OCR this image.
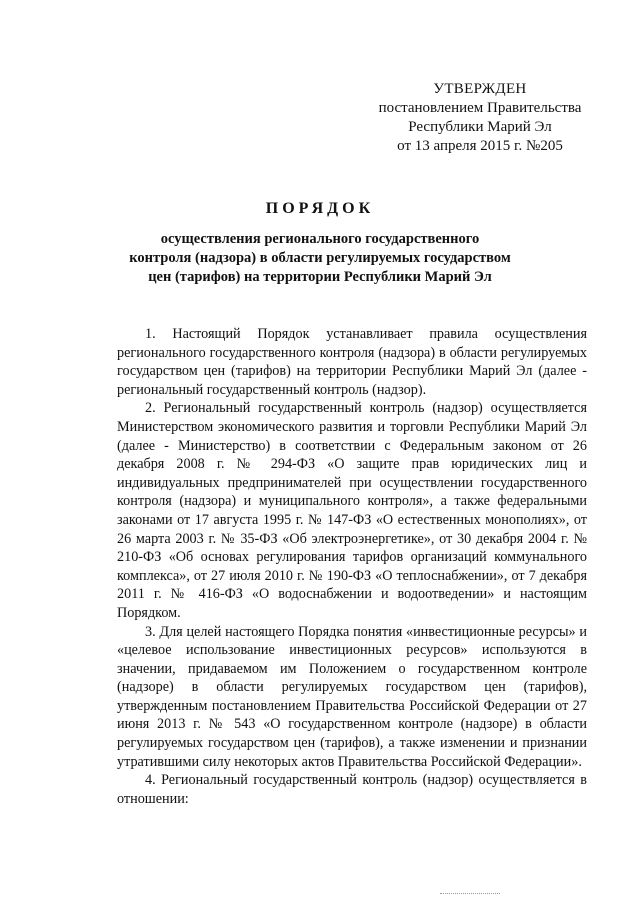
УТВЕРЖДЕН
постановлением Правительства
Республики Марий Эл
от 13 апреля 2015 г. №205
ПОРЯДОК
осуществления регионального государственного
контроля (надзора) в области регулируемых государством
цен (тарифов) на территории Республики Марий Эл

1. Настоящий Порядок устанавливает правила осуществления регионального государственного контроля (надзора) в области регулируемых государством цен (тарифов) на территории Республики Марий Эл (далее - региональный государственный контроль (надзор).

2. Региональный государственный контроль (надзор) осуществляется Министерством экономического развития и торговли Республики Марий Эл (далее - Министерство) в соответствии с Федеральным законом от 26 декабря 2008 г. № 294-ФЗ «О защите прав юридических лиц и индивидуальных предпринимателей при осуществлении государственного контроля (надзора) и муниципального контроля», а также федеральными законами от 17 августа 1995 г. № 147-ФЗ «О естественных монополиях», от 26 марта 2003 г. № 35-ФЗ «Об электроэнергетике», от 30 декабря 2004 г. № 210-ФЗ «Об основах регулирования тарифов организаций коммунального комплекса», от 27 июля 2010 г. № 190-ФЗ «О теплоснабжении», от 7 декабря 2011 г. № 416-ФЗ «О водоснабжении и водоотведении» и настоящим Порядком.

3. Для целей настоящего Порядка понятия «инвестиционные ресурсы» и «целевое использование инвестиционных ресурсов» используются в значении, придаваемом им Положением о государственном контроле (надзоре) в области регулируемых государством цен (тарифов), утвержденным постановлением Правительства Российской Федерации от 27 июня 2013 г. № 543 «О государственном контроле (надзоре) в области регулируемых государством цен (тарифов), а также изменении и признании утратившими силу некоторых актов Правительства Российской Федерации».

4. Региональный государственный контроль (надзор) осуществляется в отношении:
